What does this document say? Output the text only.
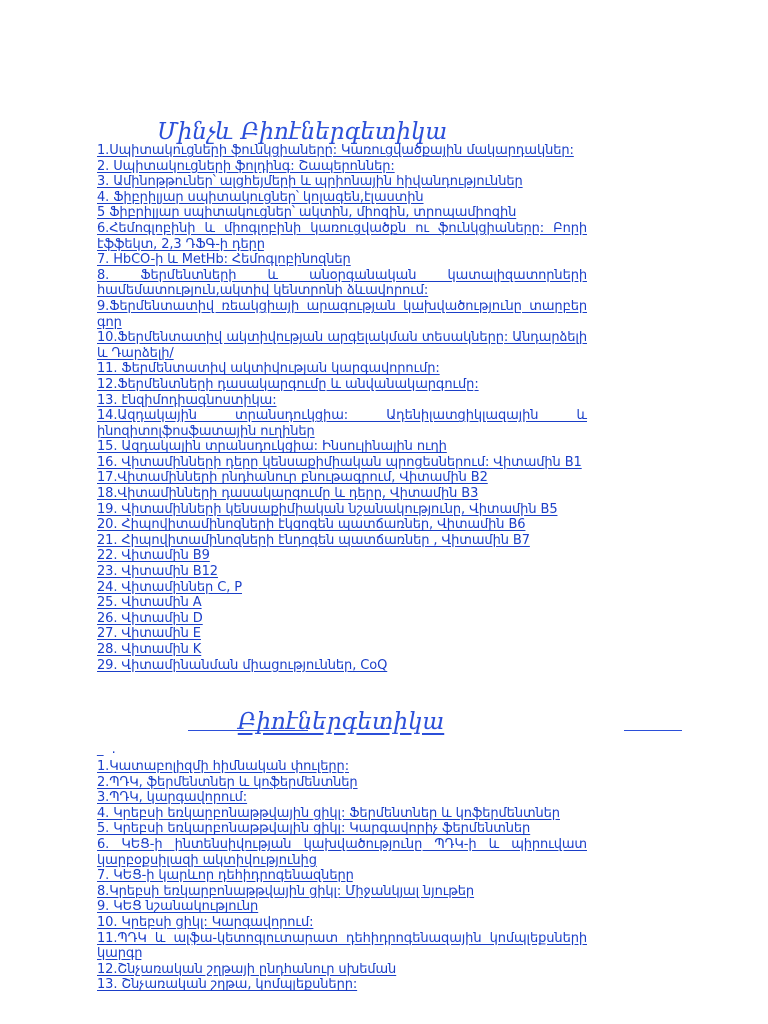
Մինչև Բիոէներգետիկա
1.Սպիտակուցների ֆունկցիաները: Կառուցվածքային մակարդակներ:
2. Սպիտակուցների ֆոլդինգ: Շապերոններ:
3. Ամինոթթուներ՝ ալցհեյմերի և պրիոնային հիվանդություններ
4. Ֆիբրիլյար սպիտակուցներ՝ կոլագեն,էլաստին
5 Ֆիբրիլյար սպիտակուցներ՝ ակտին, միոզին, տրոպամիոզին
6.Հեմոգլոբինի և միոգլոբինի կառուցվածքն ու ֆունկցիաները: Բորի էֆֆեկտ, 2,3 ԴՖԳ-ի դերը
7. HbCO-ի և MetHb: Հեմոգլոբինոզներ
8. Ֆերմենտների և անօրգանական կատալիզատորների համեմատություն,ակտիվ կենտրոնի ձևավորում:
9.Ֆերմենտատիվ ռեակցիայի արագության կախվածությունը տարբեր գոր
10.Ֆերմենտատիվ ակտիվության արգելակման տեսակները: Անդարձելի և Դարձելի/
11. Ֆերմենտատիվ ակտիվության կարգավորումը:
12.Ֆերմենտների դասակարգումը և անվանակարգումը:
13. էնզիմոդիագնոստիկա:
14.Ազդակային տրանսդուկցիա: Ադենիլատցիկլազային և ինոզիտոլֆոսֆատային ուղիներ
15. Ազդակային տրանսդուկցիա: Ինսուլինային ուղի
16. Վիտամինների դերը կենսաքիմիական պրոցեսներում: Վիտամին B1
17.Վիտամինների ընդհանուր բնութագրում, Վիտամին B2
18.Վիտամինների դասակարգումը և դերը, Վիտամին B3
19. Վիտամինների կենսաքիմիական նշանակությունը, Վիտամին B5
20. Հիպովիտամինոզների էկզոգեն պատճառներ, Վիտամին B6
21. Հիպովիտամինոզների էնդոգեն պատճառներ , Վիտամին B7
22. Վիտամին B9
23. Վիտամին B12
24. Վիտամիններ C, P
25. Վիտամին A
26. Վիտամին D
27. Վիտամին E
28. Վիտամին K
29. Վիտամինանման միացություններ, CoQ
Բիոէներգետիկա
_ .
1.Կատաբոլիզմի հիմնական փուլերը:
2.ՊԴԿ, ֆերմենտներ և կոֆերմենտներ
3.ՊԴԿ, կարգավորում:
4. Կրեբսի եռկարբոնաթթվային ցիկլ: Ֆերմենտներ և կոֆերմենտներ
5. Կրեբսի եռկարբոնաթթվային ցիկլ: Կարգավորիչ ֆերմենտներ
6. ԿԵՑ-ի ինտենսիվության կախվածությունը ՊԴԿ-ի և պիրուվատ կարբօքսիլազի ակտիվությունից
7. ԿԵՑ-ի կարևոր դեհիդրոգենազները
8.Կրեբսի եռկարբոնաթթվային ցիկլ: Միջանկյալ նյութեր
9. ԿԵՑ նշանակությունը
10. Կրեբսի ցիկլ: Կարգավորում:
11.ՊԴԿ և ալֆա-կետոգլուտարատ դեհիդրոգենազային կոմպլեքսների կարգը
12.Շնչառական շղթայի ընդհանուր սխեման
13. Շնչառական շղթա, կոմպլեքսները:
